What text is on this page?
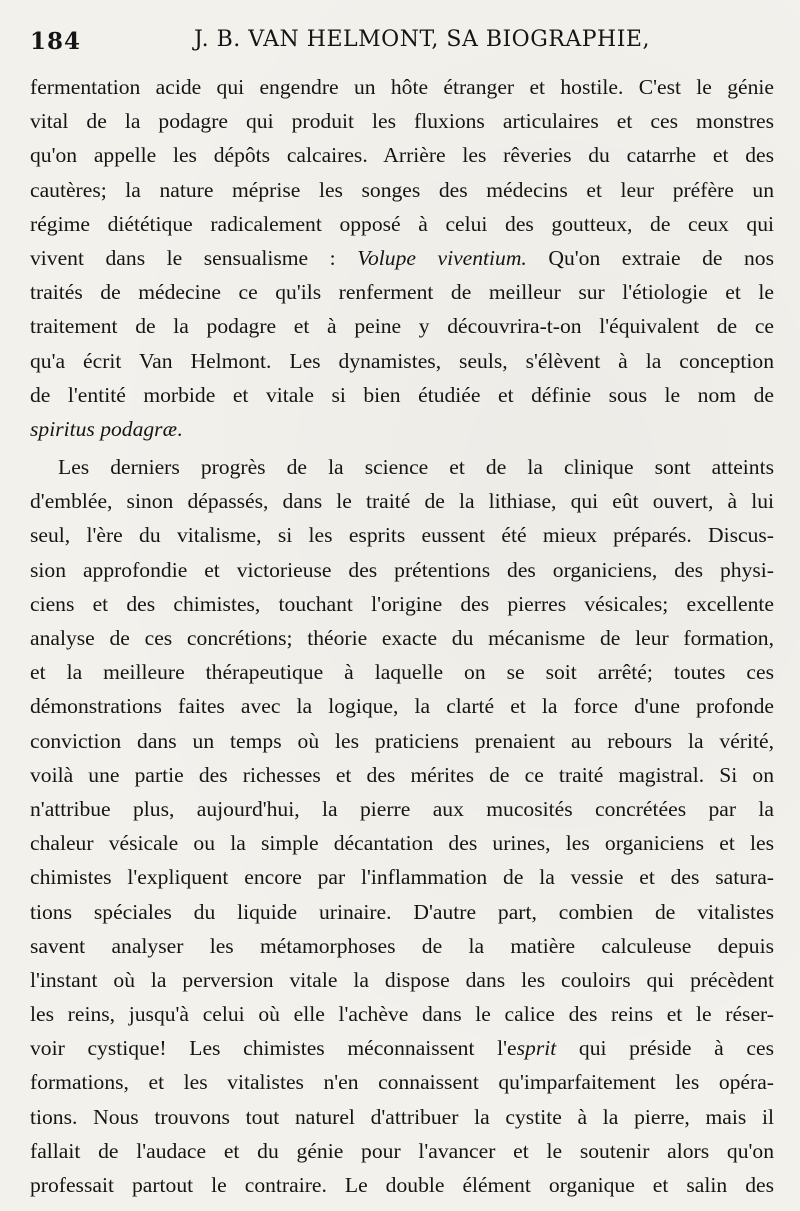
184	J. B. VAN HELMONT, SA BIOGRAPHIE,
fermentation acide qui engendre un hôte étranger et hostile. C'est le génie
vital de la podagre qui produit les fluxions articulaires et ces monstres
qu'on appelle les dépôts calcaires. Arrière les rêveries du catarrhe et des
cautères; la nature méprise les songes des médecins et leur préfère un
régime diététique radicalement opposé à celui des goutteux, de ceux qui
vivent dans le sensualisme : Volupe viventium. Qu'on extraie de nos
traités de médecine ce qu'ils renferment de meilleur sur l'étiologie et le
traitement de la podagre et à peine y découvrira-t-on l'équivalent de ce
qu'a écrit Van Helmont. Les dynamistes, seuls, s'élèvent à la conception
de l'entité morbide et vitale si bien étudiée et définie sous le nom de
spiritus podagræ.
Les derniers progrès de la science et de la clinique sont atteints
d'emblée, sinon dépassés, dans le traité de la lithiase, qui eût ouvert, à lui
seul, l'ère du vitalisme, si les esprits eussent été mieux préparés. Discus-
sion approfondie et victorieuse des prétentions des organiciens, des physi-
ciens et des chimistes, touchant l'origine des pierres vésicales; excellente
analyse de ces concrétions; théorie exacte du mécanisme de leur formation,
et la meilleure thérapeutique à laquelle on se soit arrêté; toutes ces
démonstrations faites avec la logique, la clarté et la force d'une profonde
conviction dans un temps où les praticiens prenaient au rebours la vérité,
voilà une partie des richesses et des mérites de ce traité magistral. Si on
n'attribue plus, aujourd'hui, la pierre aux mucosités concrétées par la
chaleur vésicale ou la simple décantation des urines, les organiciens et les
chimistes l'expliquent encore par l'inflammation de la vessie et des satura-
tions spéciales du liquide urinaire. D'autre part, combien de vitalistes
savent analyser les métamorphoses de la matière calculeuse depuis
l'instant où la perversion vitale la dispose dans les couloirs qui précèdent
les reins, jusqu'à celui où elle l'achève dans le calice des reins et le réser-
voir cystique! Les chimistes méconnaissent l'esprit qui préside à ces
formations, et les vitalistes n'en connaissent qu'imparfaitement les opéra-
tions. Nous trouvons tout naturel d'attribuer la cystite à la pierre, mais il
fallait de l'audace et du génie pour l'avancer et le soutenir alors qu'on
professait partout le contraire. Le double élément organique et salin des
